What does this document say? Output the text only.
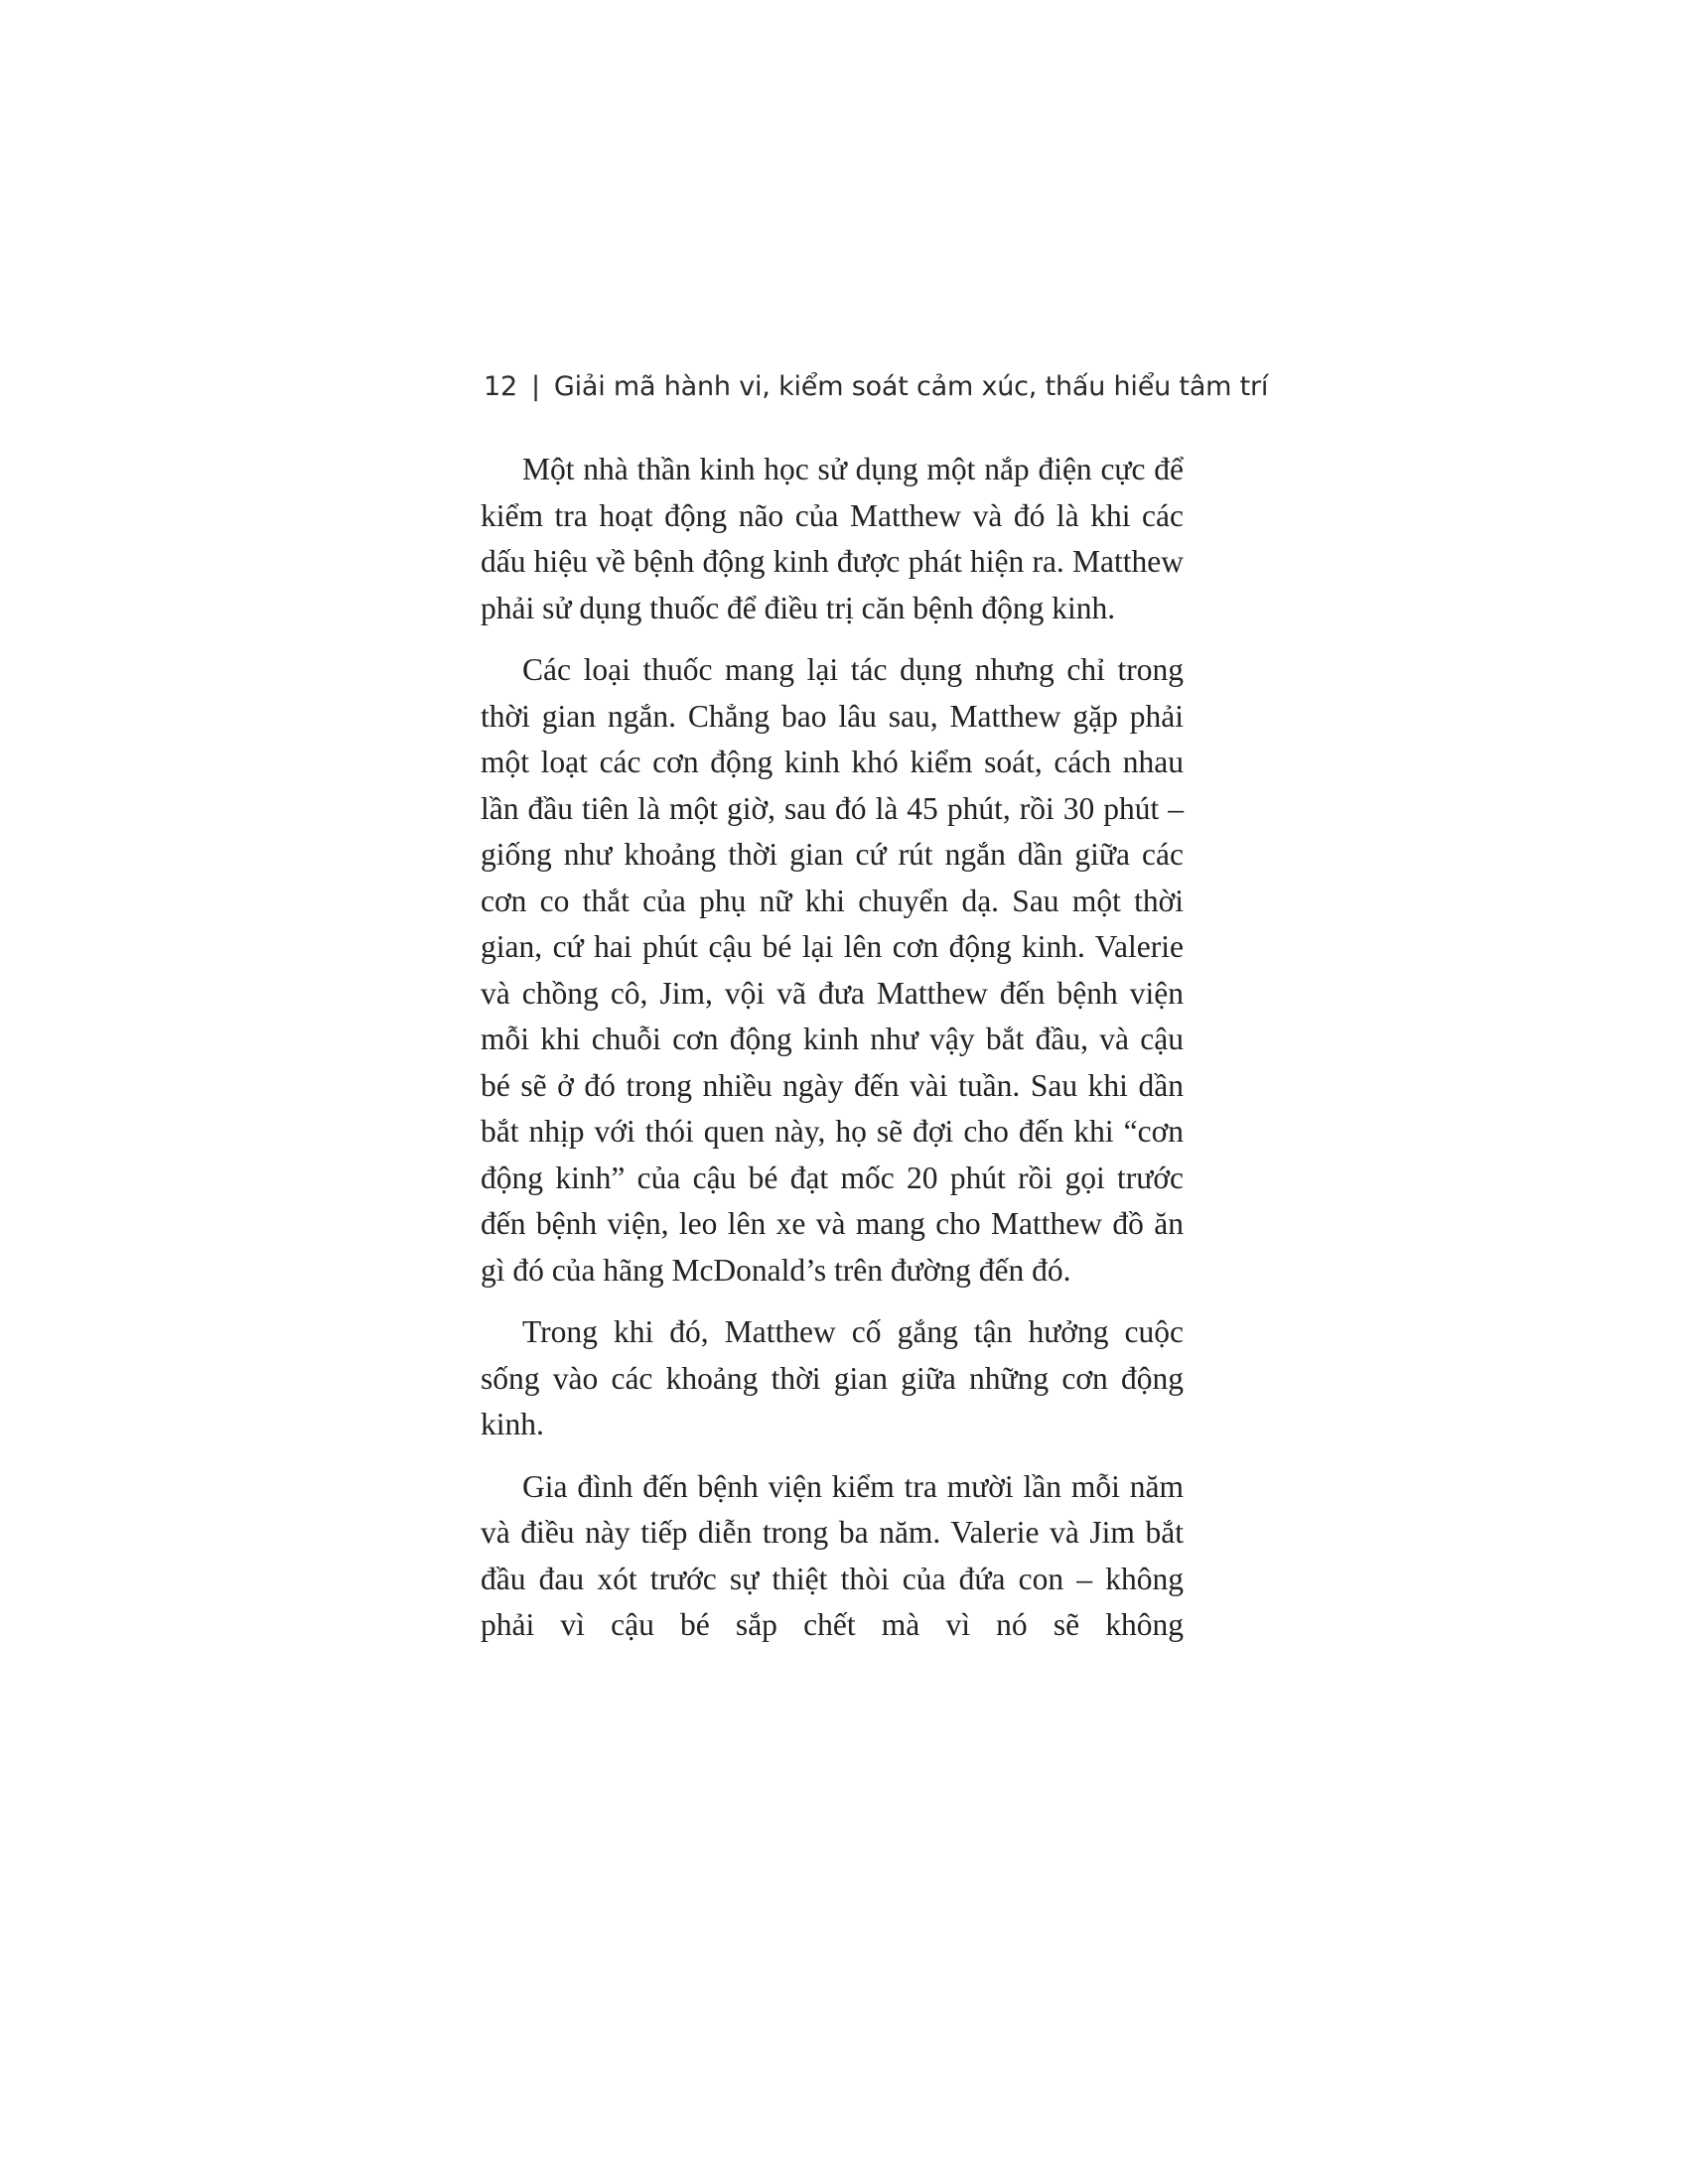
12 | Giải mã hành vi, kiểm soát cảm xúc, thấu hiểu tâm trí

Một nhà thần kinh học sử dụng một nắp điện cực để kiểm tra hoạt động não của Matthew và đó là khi các dấu hiệu về bệnh động kinh được phát hiện ra. Matthew phải sử dụng thuốc để điều trị căn bệnh động kinh.

Các loại thuốc mang lại tác dụng nhưng chỉ trong thời gian ngắn. Chẳng bao lâu sau, Matthew gặp phải một loạt các cơn động kinh khó kiểm soát, cách nhau lần đầu tiên là một giờ, sau đó là 45 phút, rồi 30 phút – giống như khoảng thời gian cứ rút ngắn dần giữa các cơn co thắt của phụ nữ khi chuyển dạ. Sau một thời gian, cứ hai phút cậu bé lại lên cơn động kinh. Valerie và chồng cô, Jim, vội vã đưa Matthew đến bệnh viện mỗi khi chuỗi cơn động kinh như vậy bắt đầu, và cậu bé sẽ ở đó trong nhiều ngày đến vài tuần. Sau khi dần bắt nhịp với thói quen này, họ sẽ đợi cho đến khi “cơn động kinh” của cậu bé đạt mốc 20 phút rồi gọi trước đến bệnh viện, leo lên xe và mang cho Matthew đồ ăn gì đó của hãng McDonald’s trên đường đến đó.

Trong khi đó, Matthew cố gắng tận hưởng cuộc sống vào các khoảng thời gian giữa những cơn động kinh.

Gia đình đến bệnh viện kiểm tra mười lần mỗi năm và điều này tiếp diễn trong ba năm. Valerie và Jim bắt đầu đau xót trước sự thiệt thòi của đứa con – không phải vì cậu bé sắp chết mà vì nó sẽ không
